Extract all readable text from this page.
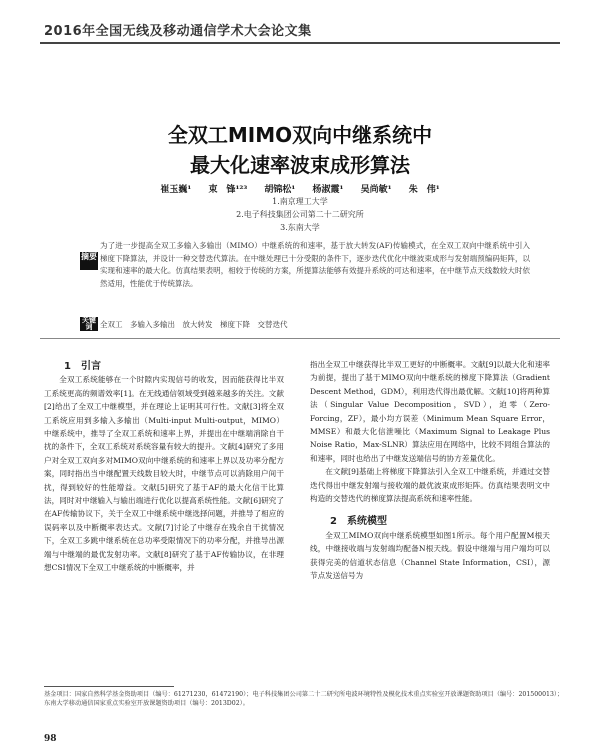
2016年全国无线及移动通信学术大会论文集
全双工MIMO双向中继系统中
最大化速率波束成形算法
崔玉巍¹ 束　锋¹²³ 胡锦松¹ 杨淑霞¹ 吴尚敏¹ 朱　伟¹
1.南京理工大学
2.电子科技集团公司第二十二研究所
3.东南大学
摘要
为了进一步提高全双工多输入多输出（MIMO）中继系统的和速率，基于放大转发(AF)传输模式，在全双工双向中继系统中引入梯度下降算法，并设计一种交替迭代算法。在中继处理已十分受限的条件下，逐步迭代优化中继波束成形与发射端预编码矩阵，以实现和速率的最大化。仿真结果表明，相较于传统的方案，所提算法能够有效提升系统的可达和速率，在中继节点天线数较大时依然适用，性能优于传统算法。
关键词	全双工　多输入多输出　放大转发　梯度下降　交替迭代

1　引言

全双工系统能够在一个时隙内实现信号的收发，因而能获得比半双工系统更高的频谱效率[1]。在无线通信领域受到越来越多的关注。文献[2]给出了全双工中继模型，并在理论上证明其可行性。文献[3]将全双工系统应用到多输入多输出（Multi-input Multi-output，MIMO）中继系统中，推导了全双工系统和速率上界，并提出在中继端消除自干扰的条件下，全双工系统对系统容量有较大的提升。文献[4]研究了多用户对全双工双向多对MIMO双向中继系统的和速率上界以及功率分配方案，同时指出当中继配置天线数目较大时，中继节点可以消除用户间干扰，得到较好的性能增益。文献[5]研究了基于AF的最大化信干比算法，同时对中继输入与输出端进行优化以提高系统性能。文献[6]研究了在AF传输协议下，关于全双工中继系统中继选择问题，并推导了相应的误码率以及中断概率表达式。文献[7]讨论了中继存在残余自干扰情况下，全双工多跳中继系统在总功率受限情况下的功率分配，并推导出源端与中继端的最优发射功率。文献[8]研究了基于AF传输协议，在非理想CSI情况下全双工中继系统的中断概率，并

指出全双工中继获得比半双工更好的中断概率。文献[9]以最大化和速率为前提，提出了基于MIMO双向中继系统的梯度下降算法（Gradient Descent Method，GDM），利用迭代得出最优解。文献[10]将两种算法（Singular Value Decomposition，SVD），迫零（Zero-Forcing，ZF），最小均方误差（Minimum Mean Square Error，MMSE）和最大化信泄噪比（Maximum Signal to Leakage Plus Noise Ratio，Max-SLNR）算法应用在网络中，比较不同组合算法的和速率，同时也给出了中继发送端信号的协方差量优化。

在文献[9]基础上将梯度下降算法引入全双工中继系统，并通过交替迭代得出中继发射端与接收端的最优波束成形矩阵。仿真结果表明文中构造的交替迭代的梯度算法提高系统和速率性能。

2　系统模型

全双工MIMO双向中继系统模型如图1所示。每个用户配置M根天线，中继接收端与发射端均配备N根天线。假设中继端与用户端均可以获得完美的信道状态信息（Channel State Information，CSI），源节点发送信号为

基金项目：国家自然科学基金资助项目（编号：61271230，61472190）；电子科技集团公司第二十二研究所电波环境特性及模化技术重点实验室开放课题资助项目（编号：201500013）；东南大学移动通信国家重点实验室开放课题资助项目（编号：2013D02）。
98
